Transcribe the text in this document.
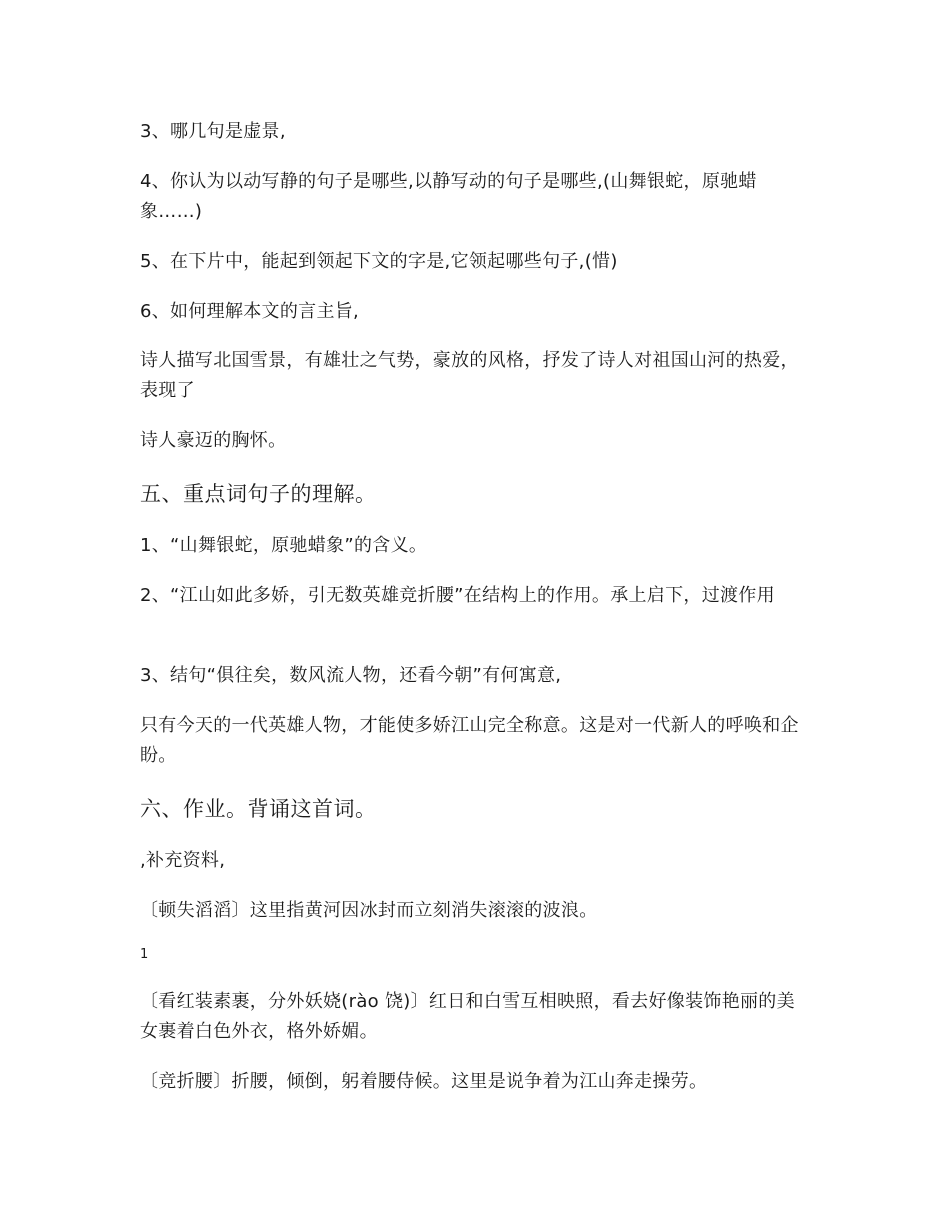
3、哪几句是虚景,

4、你认为以动写静的句子是哪些,以静写动的句子是哪些,(山舞银蛇，原驰蜡象……)

5、在下片中，能起到领起下文的字是,它领起哪些句子,(惜)

6、如何理解本文的言主旨,

诗人描写北国雪景，有雄壮之气势，豪放的风格，抒发了诗人对祖国山河的热爱，表现了

诗人豪迈的胸怀。

五、重点词句子的理解。

1、“山舞银蛇，原驰蜡象”的含义。

2、“江山如此多娇，引无数英雄竞折腰”在结构上的作用。承上启下，过渡作用

3、结句“俱往矣，数风流人物，还看今朝”有何寓意,

只有今天的一代英雄人物，才能使多娇江山完全称意。这是对一代新人的呼唤和企盼。

六、作业。背诵这首词。

,补充资料,

〔顿失滔滔〕这里指黄河因冰封而立刻消失滚滚的波浪。

1

〔看红装素裹，分外妖娆(rào 饶)〕红日和白雪互相映照，看去好像装饰艳丽的美女裹着白色外衣，格外娇媚。

〔竞折腰〕折腰，倾倒，躬着腰侍候。这里是说争着为江山奔走操劳。
